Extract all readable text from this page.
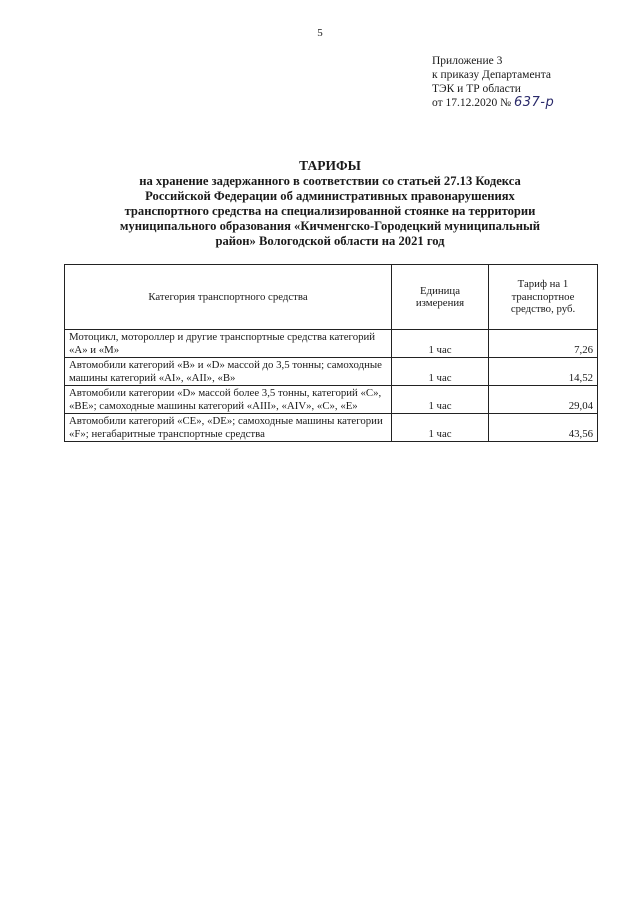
5
Приложение 3
к приказу Департамента
ТЭК и ТР области
от 17.12.2020 № 637-р
ТАРИФЫ
на хранение задержанного в соответствии со статьей 27.13 Кодекса
Российской Федерации об административных правонарушениях
транспортного средства на специализированной стоянке на территории
муниципального образования «Кичменгско-Городецкий муниципальный
район» Вологодской области на 2021 год
Категория транспортного средства	Единица измерения	Тариф на 1 транспортное средство, руб.
Мотоцикл, мотороллер и другие транспортные средства категорий «А» и «М»	1 час	7,26
Автомобили категорий «В» и «D» массой до 3,5 тонны; самоходные машины категорий «AI», «AII», «В»	1 час	14,52
Автомобили категории «D» массой более 3,5 тонны, категорий «С», «ВЕ»; самоходные машины категорий «AIII», «AIV», «С», «Е»	1 час	29,04
Автомобили категорий «СЕ», «DE»; самоходные машины категории «F»; негабаритные транспортные средства	1 час	43,56
